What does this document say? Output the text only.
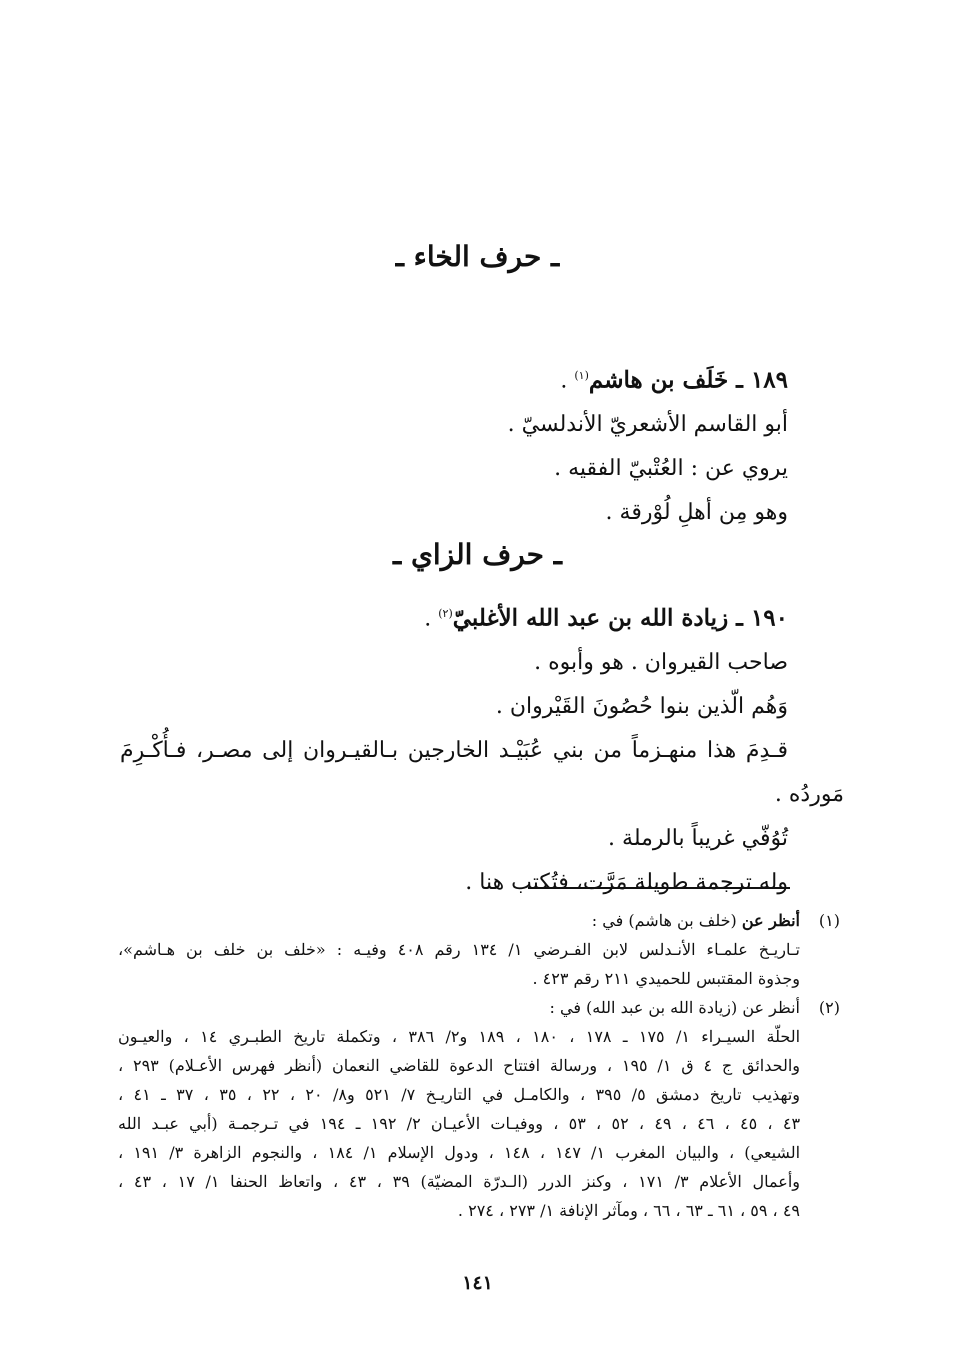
ـ حرف الخاء ـ
١٨٩ ـ خَلَف بن هاشم$^{(١)}$ .
أبو القاسم الأشعريّ الأندلسيّ .
يروي عن : العُتْبيّ الفقيه .
وهو مِن أهلِ لُوْرقة .
ـ حرف الزاي ـ
١٩٠ ـ زيادة الله بن عبد الله الأغلبيّ$^{(٢)}$ .
صاحب القيروان . هو وأبوه .
وَهُم الّذين بنوا حُصُونَ القَيْروان .
قـدِمَ هذا منهـزماً من بني عُبَيْـد الخارجين بـالقيـروان إلى مصـر، فـأُكْـرِمَ
مَوردُه .
تُوُفّي غريباً بالرملة .
وله ترجمة طويلة مَرَّت، فتُكتب هنا .
(١)
أنظر عن (خلف بن هاشم) في :
تـاريـخ علمـاء الأنـدلس لابن الفـرضي ١/ ١٣٤ رقم ٤٠٨ وفيـه : «خلف بن خلف بن هـاشم»،
وجذوة المقتبس للحميدي ٢١١ رقم ٤٢٣ .
(٢)
أنظر عن (زيادة الله بن عبد الله) في :
الحلّة السيـراء ١/ ١٧٥ ـ ١٧٨ ، ١٨٠ ، ١٨٩ و٢/ ٣٨٦ ، وتكملة تاريخ الطبـري ١٤ ، والعيـون
والحدائق ج ٤ ق ١/ ١٩٥ ، ورسالة افتتاح الدعوة للقاضي النعمان (أنظر فهرس الأعـلام) ٢٩٣ ،
وتهذيب تاريخ دمشق ٥/ ٣٩٥ ، والكامـل في التاريـخ ٧/ ٥٢١ و٨/ ٢٠ ، ٢٢ ، ٣٥ ، ٣٧ ـ ٤١ ،
٤٣ ، ٤٥ ، ٤٦ ، ٤٩ ، ٥٢ ، ٥٣ ، ووفيـات الأعيـان ٢/ ١٩٢ ـ ١٩٤ في تـرجمـة (أبي عبـد الله
الشيعي) ، والبيان المغرب ١/ ١٤٧ ، ١٤٨ ، ودول الإسلام ١/ ١٨٤ ، والنجوم الزاهرة ٣/ ١٩١ ،
وأعمال الأعلام ٣/ ١٧١ ، وكنز الدرر (الـدرّة المضيّة) ٣٩ ، ٤٣ ، واتعاظ الحنفا ١/ ١٧ ، ٤٣ ،
٤٩ ، ٥٩ ، ٦١ ـ ٦٣ ، ٦٦ ، ومآثر الإنافة ١/ ٢٧٣ ، ٢٧٤ .
١٤١
